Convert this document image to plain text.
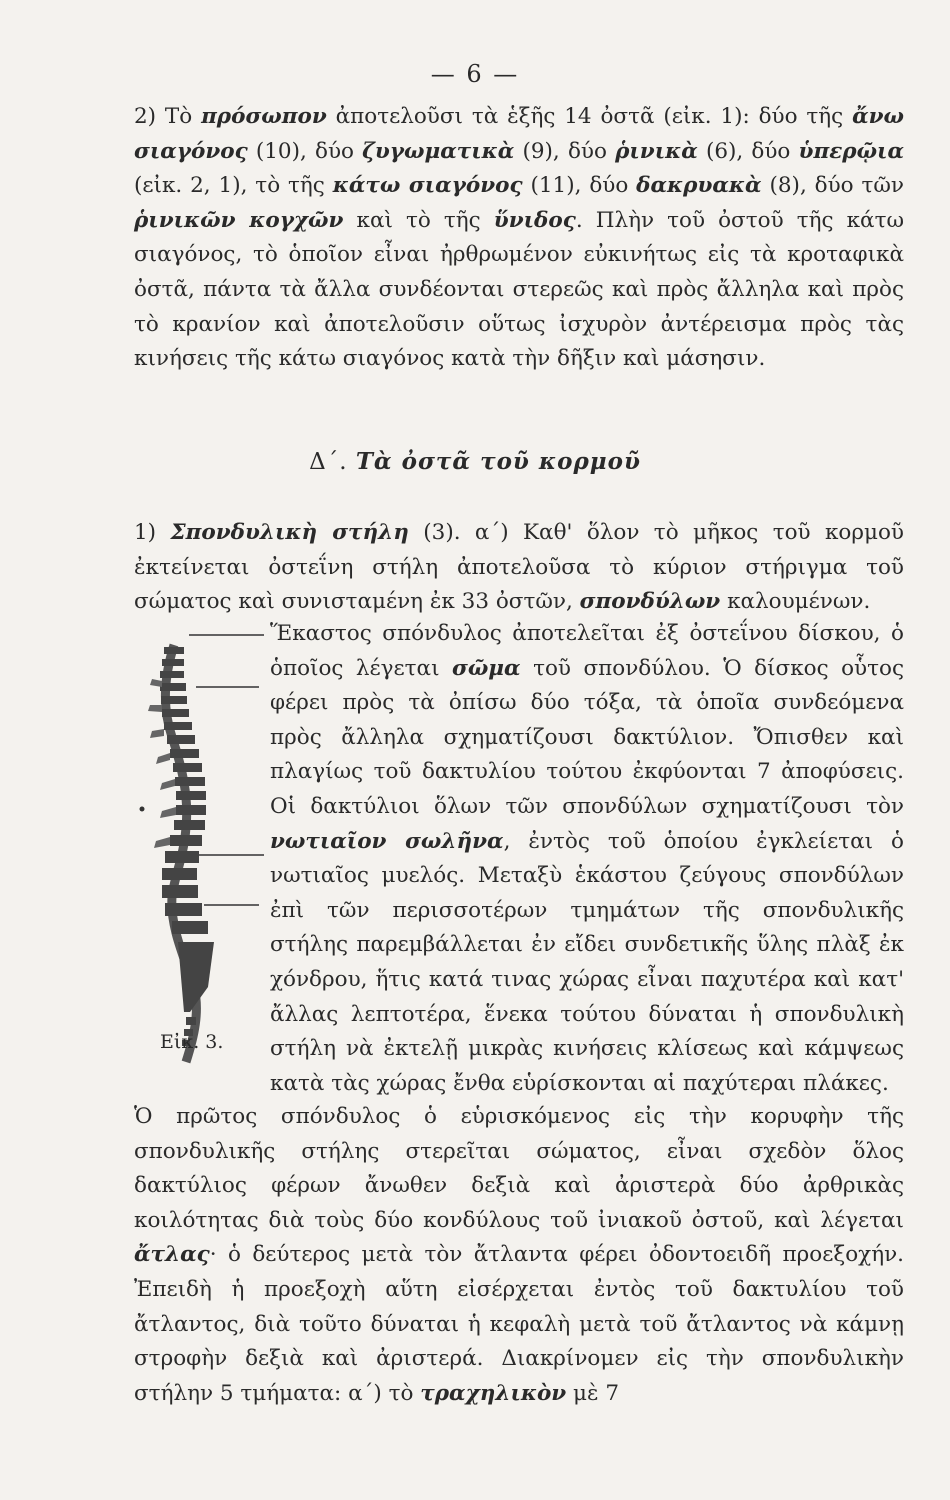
— 6 —

2) Τὸ πρόσωπον ἀποτελοῦσι τὰ ἑξῆς 14 ὀστᾶ (εἰκ. 1): δύο τῆς ἄνω σιαγόνος (10), δύο ζυγωματικὰ (9), δύο ῥινικὰ (6), δύο ὑπερῷια (εἰκ. 2, 1), τὸ τῆς κάτω σιαγόνος (11), δύο δακρυακὰ (8), δύο τῶν ῥινικῶν κογχῶν καὶ τὸ τῆς ὕνιδος. Πλὴν τοῦ ὀστοῦ τῆς κάτω σιαγόνος, τὸ ὁποῖον εἶναι ἠρθρωμένον εὐκινήτως εἰς τὰ κροταφικὰ ὀστᾶ, πάντα τὰ ἄλλα συνδέονται στερεῶς καὶ πρὸς ἄλληλα καὶ πρὸς τὸ κρανίον καὶ ἀποτελοῦσιν οὕτως ἰσχυρὸν ἀντέρεισμα πρὸς τὰς κινήσεις τῆς κάτω σιαγόνος κατὰ τὴν δῆξιν καὶ μάσησιν.

Δ΄. Τὰ ὀστᾶ τοῦ κορμοῦ

1) Σπονδυλικὴ στήλη (3). α΄) Καθ' ὅλον τὸ μῆκος τοῦ κορμοῦ ἐκτείνεται ὀστεΐνη στήλη ἀποτελοῦσα τὸ κύριον στήριγμα τοῦ σώματος καὶ συνισταμένη ἐκ 33 ὀστῶν, σπονδύλων καλουμένων.

Εἰκ. 3.

Ἕκαστος σπόνδυλος ἀποτελεῖται ἐξ ὀστεΐνου δίσκου, ὁ ὁποῖος λέγεται σῶμα τοῦ σπονδύλου. Ὁ δίσκος οὗτος φέρει πρὸς τὰ ὀπίσω δύο τόξα, τὰ ὁποῖα συνδεόμενα πρὸς ἄλληλα σχηματίζουσι δακτύλιον. Ὄπισθεν καὶ πλαγίως τοῦ δακτυλίου τούτου ἐκφύονται 7 ἀποφύσεις. Οἱ δακτύλιοι ὅλων τῶν σπονδύλων σχηματίζουσι τὸν νωτιαῖον σωλῆνα, ἐντὸς τοῦ ὁποίου ἐγκλείεται ὁ νωτιαῖος μυελός. Μεταξὺ ἑκάστου ζεύγους σπονδύλων ἐπὶ τῶν περισσοτέρων τμημάτων τῆς σπονδυλικῆς στήλης παρεμβάλλεται ἐν εἴδει συνδετικῆς ὕλης πλὰξ ἐκ χόνδρου, ἥτις κατά τινας χώρας εἶναι παχυτέρα καὶ κατ' ἄλλας λεπτοτέρα, ἕνεκα τούτου δύναται ἡ σπονδυλικὴ στήλη νὰ ἐκτελῇ μικρὰς κινήσεις κλίσεως καὶ κάμψεως κατὰ τὰς χώρας ἔνθα εὑρίσκονται αἱ παχύτεραι πλάκες.

Ὁ πρῶτος σπόνδυλος ὁ εὑρισκόμενος εἰς τὴν κορυφὴν τῆς σπονδυλικῆς στήλης στερεῖται σώματος, εἶναι σχεδὸν ὅλος δακτύλιος φέρων ἄνωθεν δεξιὰ καὶ ἀριστερὰ δύο ἀρθρικὰς κοιλότητας διὰ τοὺς δύο κονδύλους τοῦ ἰνιακοῦ ὀστοῦ, καὶ λέγεται ἄτλας· ὁ δεύτερος μετὰ τὸν ἄτλαντα φέρει ὀδοντοειδῆ προεξοχήν. Ἐπειδὴ ἡ προεξοχὴ αὕτη εἰσέρχεται ἐντὸς τοῦ δακτυλίου τοῦ ἄτλαντος, διὰ τοῦτο δύναται ἡ κεφαλὴ μετὰ τοῦ ἄτλαντος νὰ κάμνῃ στροφὴν δεξιὰ καὶ ἀριστερά. Διακρίνομεν εἰς τὴν σπονδυλικὴν στήλην 5 τμήματα: α΄) τὸ τραχηλικὸν μὲ 7
